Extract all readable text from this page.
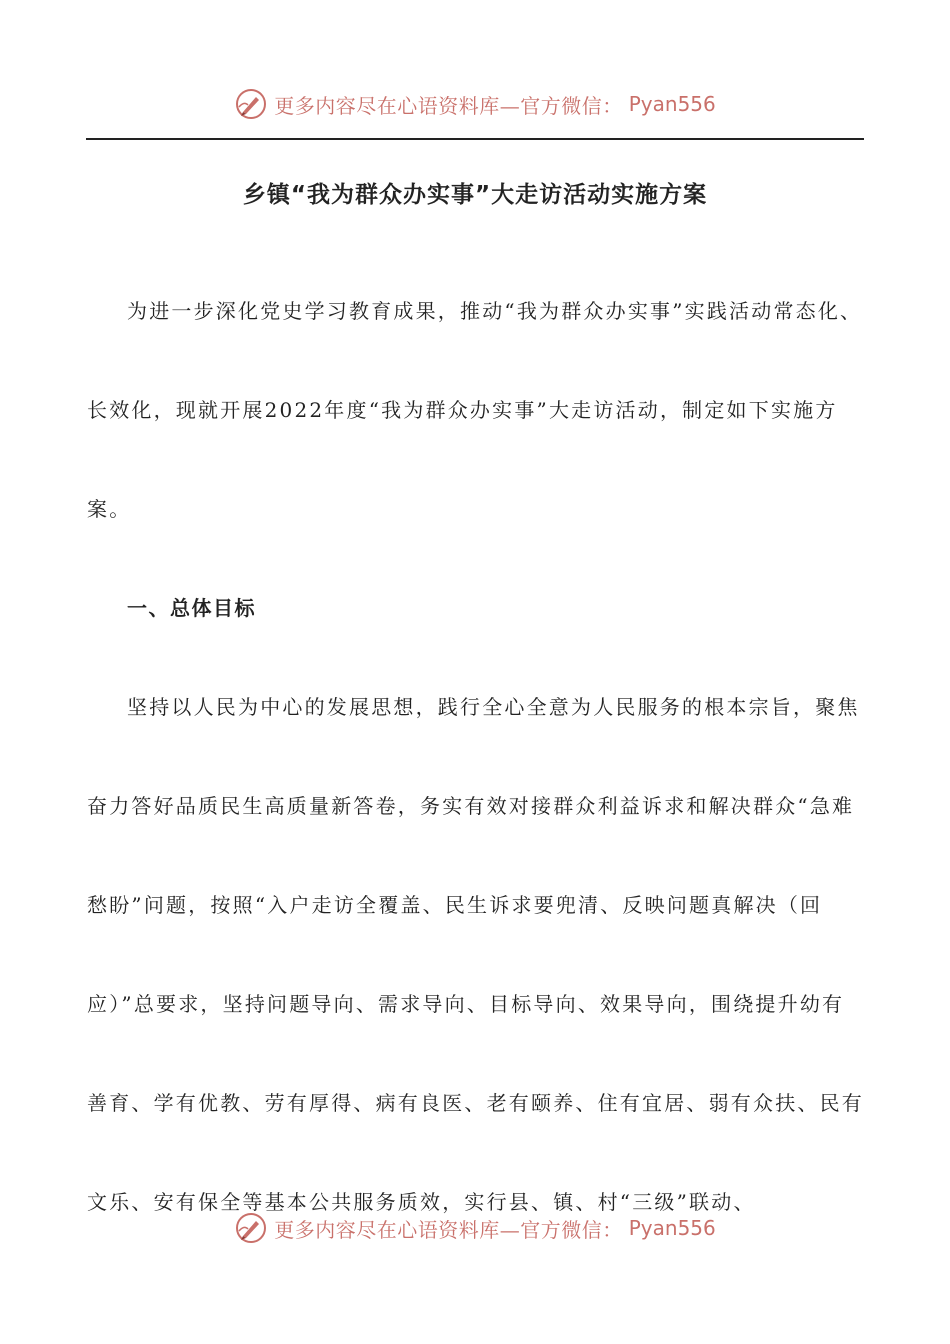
更多内容尽在心语资料库—官方微信： Pyan556
乡镇“我为群众办实事”大走访活动实施方案

为进一步深化党史学习教育成果，推动“我为群众办实事”实践活动常态化、长效化，现就开展2022年度“我为群众办实事”大走访活动，制定如下实施方案。

一、总体目标

坚持以人民为中心的发展思想，践行全心全意为人民服务的根本宗旨，聚焦奋力答好品质民生高质量新答卷，务实有效对接群众利益诉求和解决群众“急难愁盼”问题，按照“入户走访全覆盖、民生诉求要兜清、反映问题真解决（回应）”总要求，坚持问题导向、需求导向、目标导向、效果导向，围绕提升幼有善育、学有优教、劳有厚得、病有良医、老有颐养、住有宜居、弱有众扶、民有文乐、安有保全等基本公共服务质效，实行县、镇、村“三级”联动、

更多内容尽在心语资料库—官方微信： Pyan556
